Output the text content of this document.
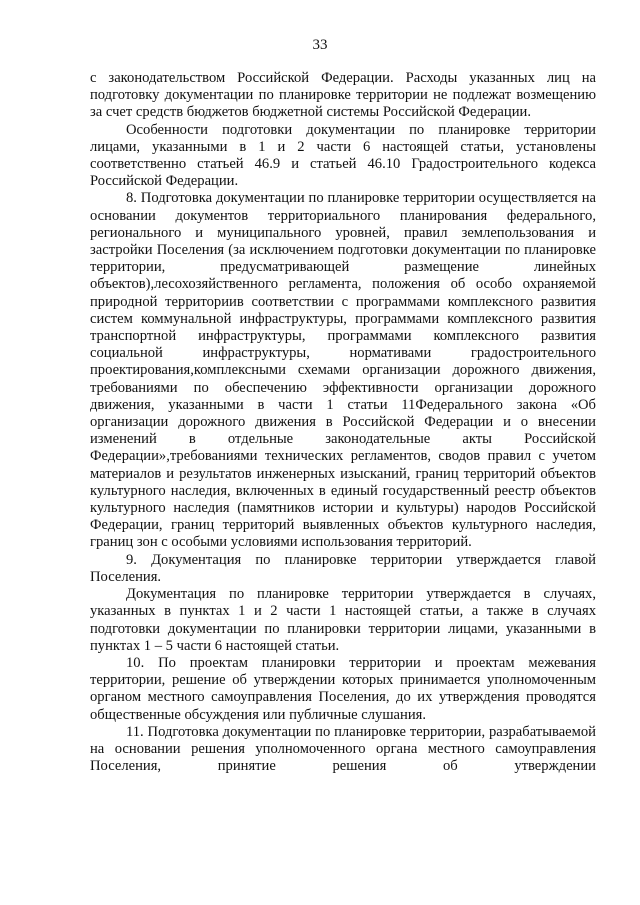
33

с законодательством Российской Федерации. Расходы указанных лиц на подготовку документации по планировке территории не подлежат возмещению за счет средств бюджетов бюджетной системы Российской Федерации.

Особенности подготовки документации по планировке территории лицами, указанными в 1 и 2 части 6 настоящей статьи, установлены соответственно статьей 46.9 и статьей 46.10 Градостроительного кодекса Российской Федерации.

8. Подготовка документации по планировке территории осуществляется на основании документов территориального планирования федерального, регионального и муниципального уровней, правил землепользования и застройки Поселения (за исключением подготовки документации по планировке территории, предусматривающей размещение линейных объектов),лесохозяйственного регламента, положения об особо охраняемой природной территориив соответствии с программами комплексного развития систем коммунальной инфраструктуры, программами комплексного развития транспортной инфраструктуры, программами комплексного развития социальной инфраструктуры, нормативами градостроительного проектирования,комплексными схемами организации дорожного движения, требованиями по обеспечению эффективности организации дорожного движения, указанными в части 1 статьи 11Федерального закона «Об организации дорожного движения в Российской Федерации и о внесении изменений в отдельные законодательные акты Российской Федерации»,требованиями технических регламентов, сводов правил с учетом материалов и результатов инженерных изысканий, границ территорий объектов культурного наследия, включенных в единый государственный реестр объектов культурного наследия (памятников истории и культуры) народов Российской Федерации, границ территорий выявленных объектов культурного наследия, границ зон с особыми условиями использования территорий.

9. Документация по планировке территории утверждается главой Поселения.

Документация по планировке территории утверждается в случаях, указанных в пунктах 1 и 2 части 1 настоящей статьи, а также в случаях подготовки документации по планировки территории лицами, указанными в пунктах 1 – 5 части 6 настоящей статьи.

10. По проектам планировки территории и проектам межевания территории, решение об утверждении которых принимается уполномоченным органом местного самоуправления Поселения, до их утверждения проводятся общественные обсуждения или публичные слушания.

11. Подготовка документации по планировке территории, разрабатываемой на основании решения уполномоченного органа местного самоуправления Поселения, принятие решения об утверждении
